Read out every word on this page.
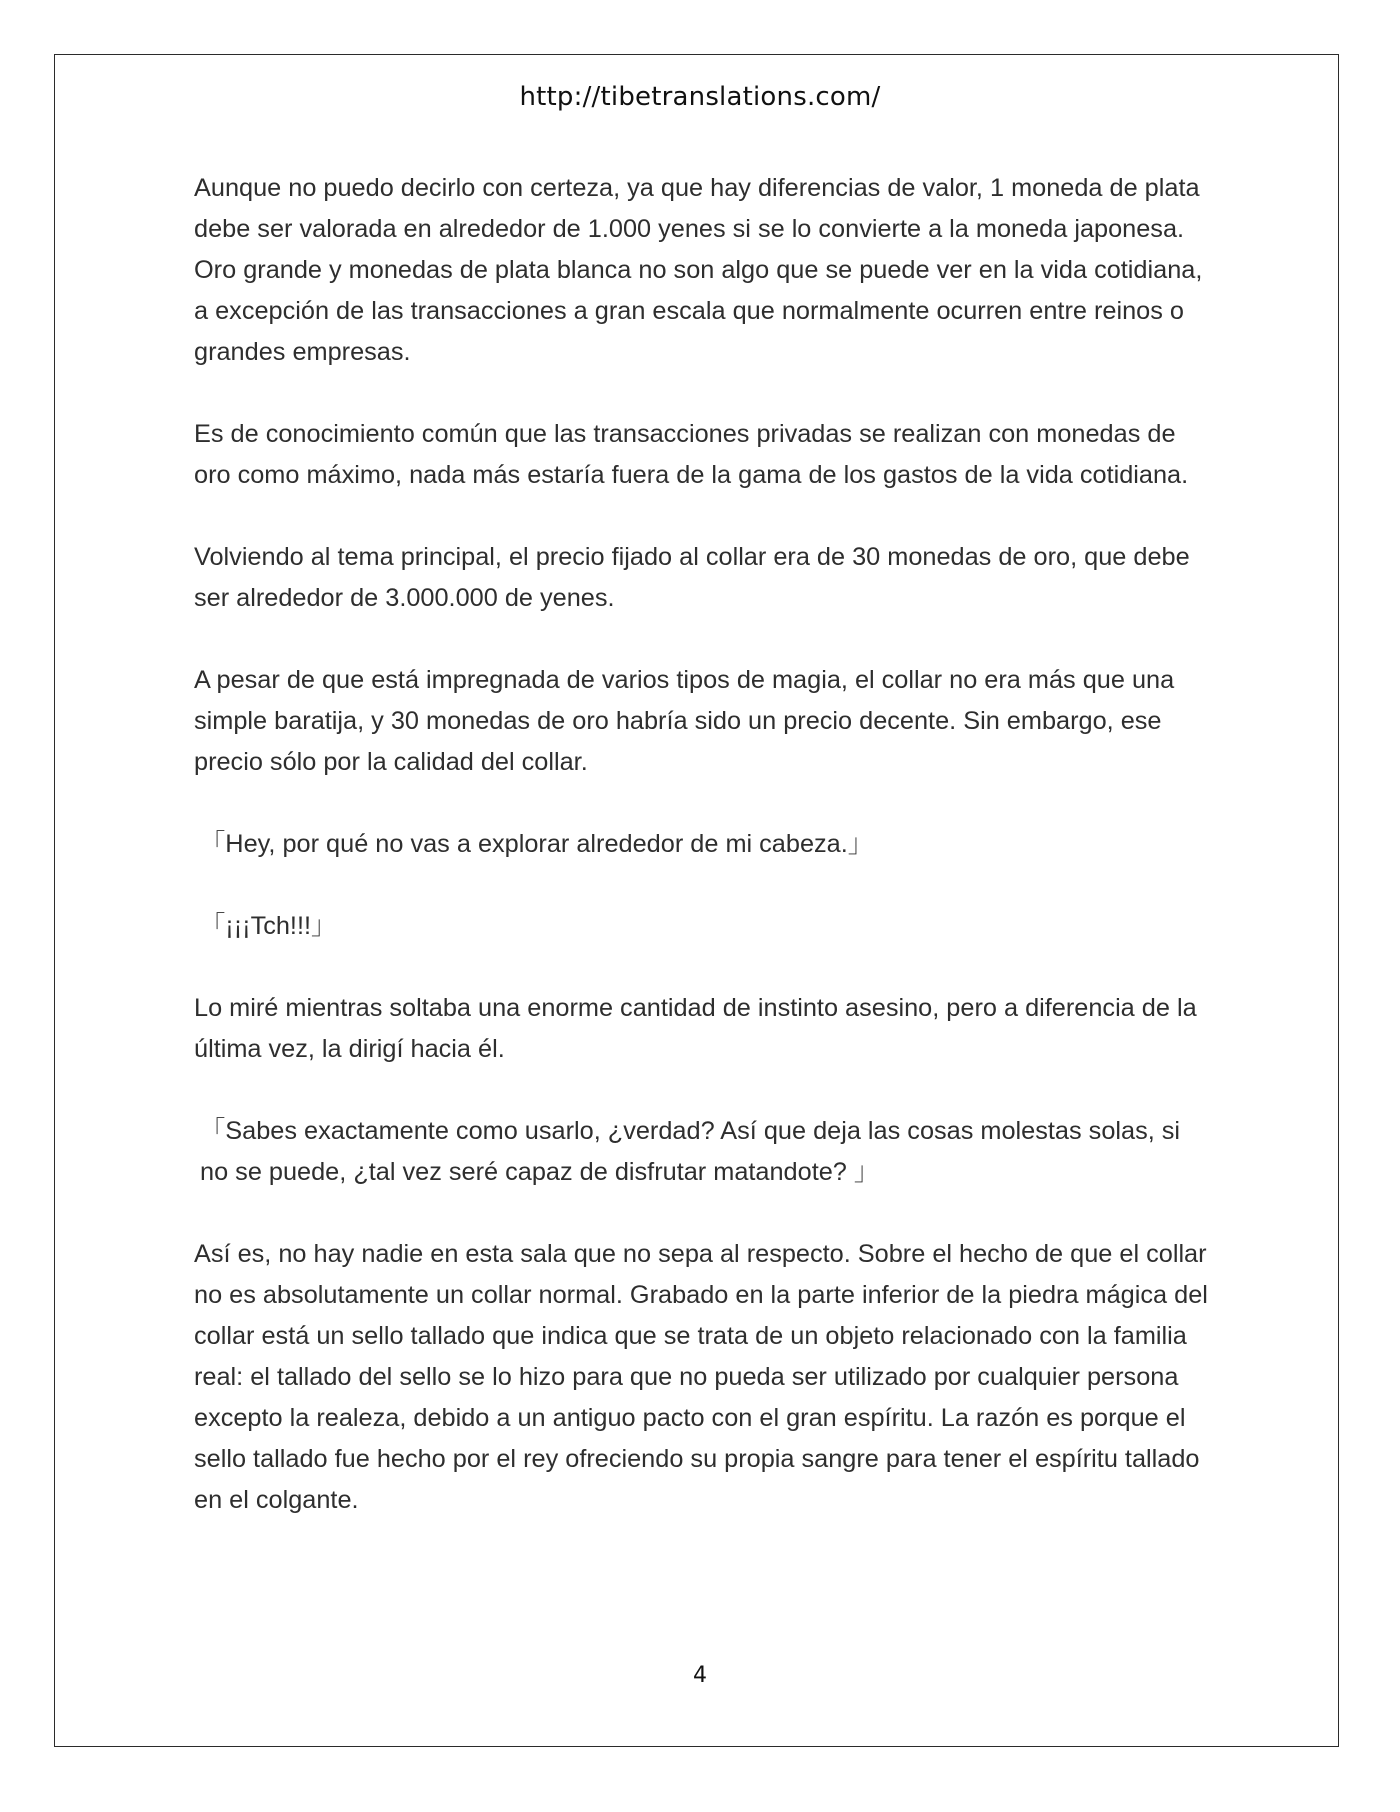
http://tibetranslations.com/

Aunque no puedo decirlo con certeza, ya que hay diferencias de valor, 1 moneda de plata debe ser valorada en alrededor de 1.000 yenes si se lo convierte a la moneda japonesa. Oro grande y monedas de plata blanca no son algo que se puede ver en la vida cotidiana, a excepción de las transacciones a gran escala que normalmente ocurren entre reinos o grandes empresas.

Es de conocimiento común que las transacciones privadas se realizan con monedas de oro como máximo, nada más estaría fuera de la gama de los gastos de la vida cotidiana.

Volviendo al tema principal, el precio fijado al collar era de 30 monedas de oro, que debe ser alrededor de 3.000.000 de yenes.

A pesar de que está impregnada de varios tipos de magia, el collar no era más que una simple baratija, y 30 monedas de oro habría sido un precio decente. Sin embargo, ese precio sólo por la calidad del collar.

「Hey, por qué no vas a explorar alrededor de mi cabeza.」

「¡¡¡Tch!!!」

Lo miré mientras soltaba una enorme cantidad de instinto asesino, pero a diferencia de la última vez, la dirigí hacia él.

「Sabes exactamente como usarlo, ¿verdad? Así que deja las cosas molestas solas, si no se puede, ¿tal vez seré capaz de disfrutar matandote? 」

Así es, no hay nadie en esta sala que no sepa al respecto. Sobre el hecho de que el collar no es absolutamente un collar normal. Grabado en la parte inferior de la piedra mágica del collar está un sello tallado que indica que se trata de un objeto relacionado con la familia real: el tallado del sello se lo hizo para que no pueda ser utilizado por cualquier persona excepto la realeza, debido a un antiguo pacto con el gran espíritu. La razón es porque el sello tallado fue hecho por el rey ofreciendo su propia sangre para tener el espíritu tallado en el colgante.

4
